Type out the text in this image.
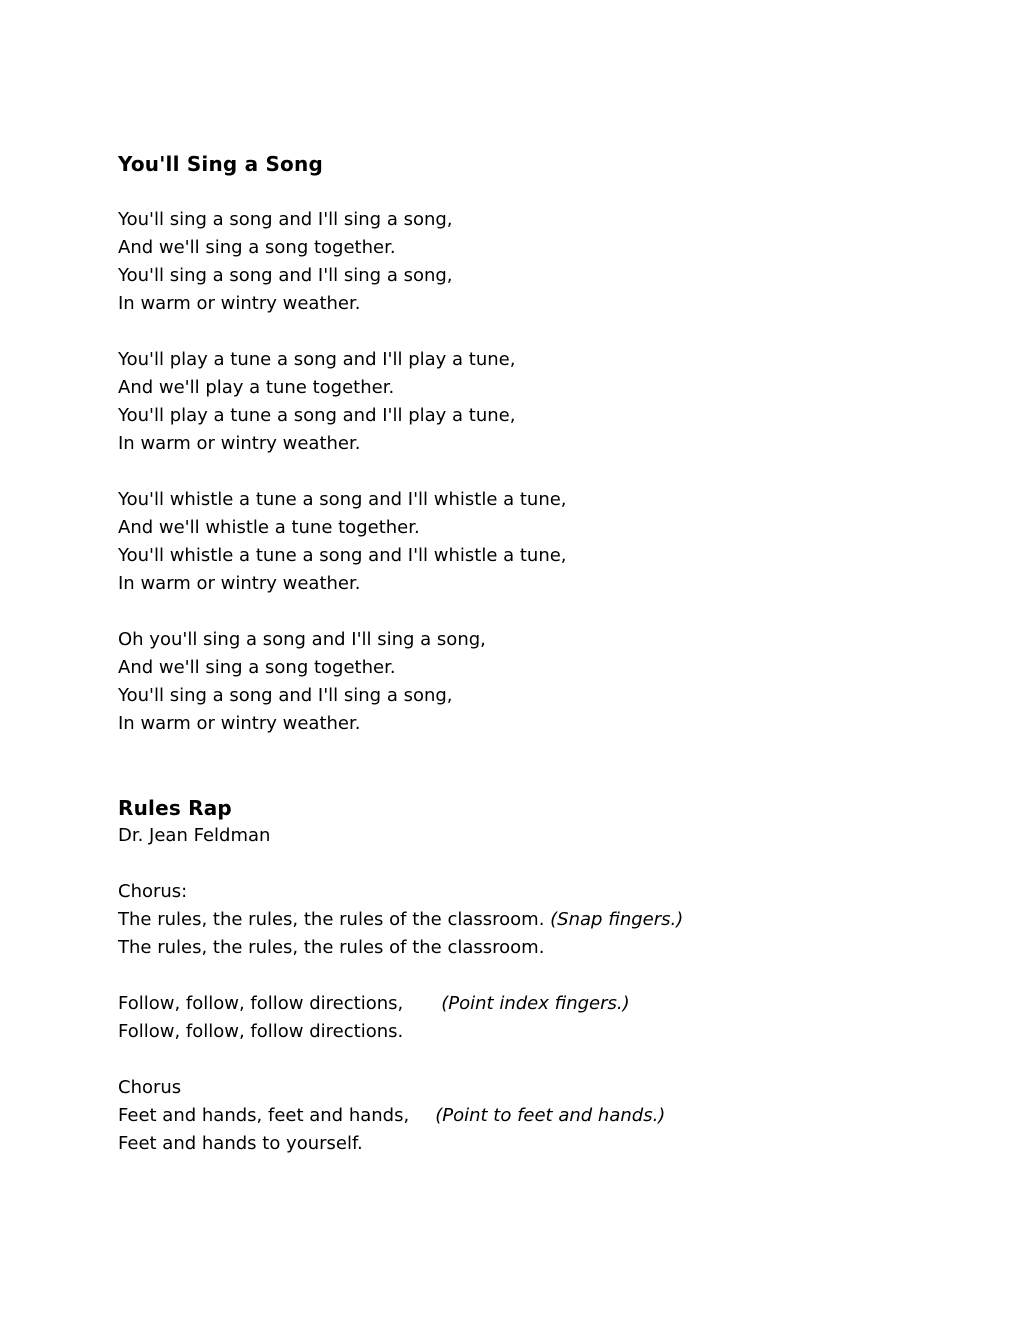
You'll Sing a Song

You'll sing a song and I'll sing a song,

And we'll sing a song together.

You'll sing a song and I'll sing a song,

In warm or wintry weather.

You'll play a tune a song and I'll play a tune,

And we'll play a tune together.

You'll play a tune a song and I'll play a tune,

In warm or wintry weather.

You'll whistle a tune a song and I'll whistle a tune,

And we'll whistle a tune together.

You'll whistle a tune a song and I'll whistle a tune,

In warm or wintry weather.

Oh you'll sing a song and I'll sing a song,

And we'll sing a song together.

You'll sing a song and I'll sing a song,

In warm or wintry weather.

Rules Rap

Dr. Jean Feldman

Chorus:

The rules, the rules, the rules of the classroom. (Snap fingers.)

The rules, the rules, the rules of the classroom.

Follow, follow, follow directions, (Point index fingers.)

Follow, follow, follow directions.

Chorus

Feet and hands, feet and hands, (Point to feet and hands.)

Feet and hands to yourself.
